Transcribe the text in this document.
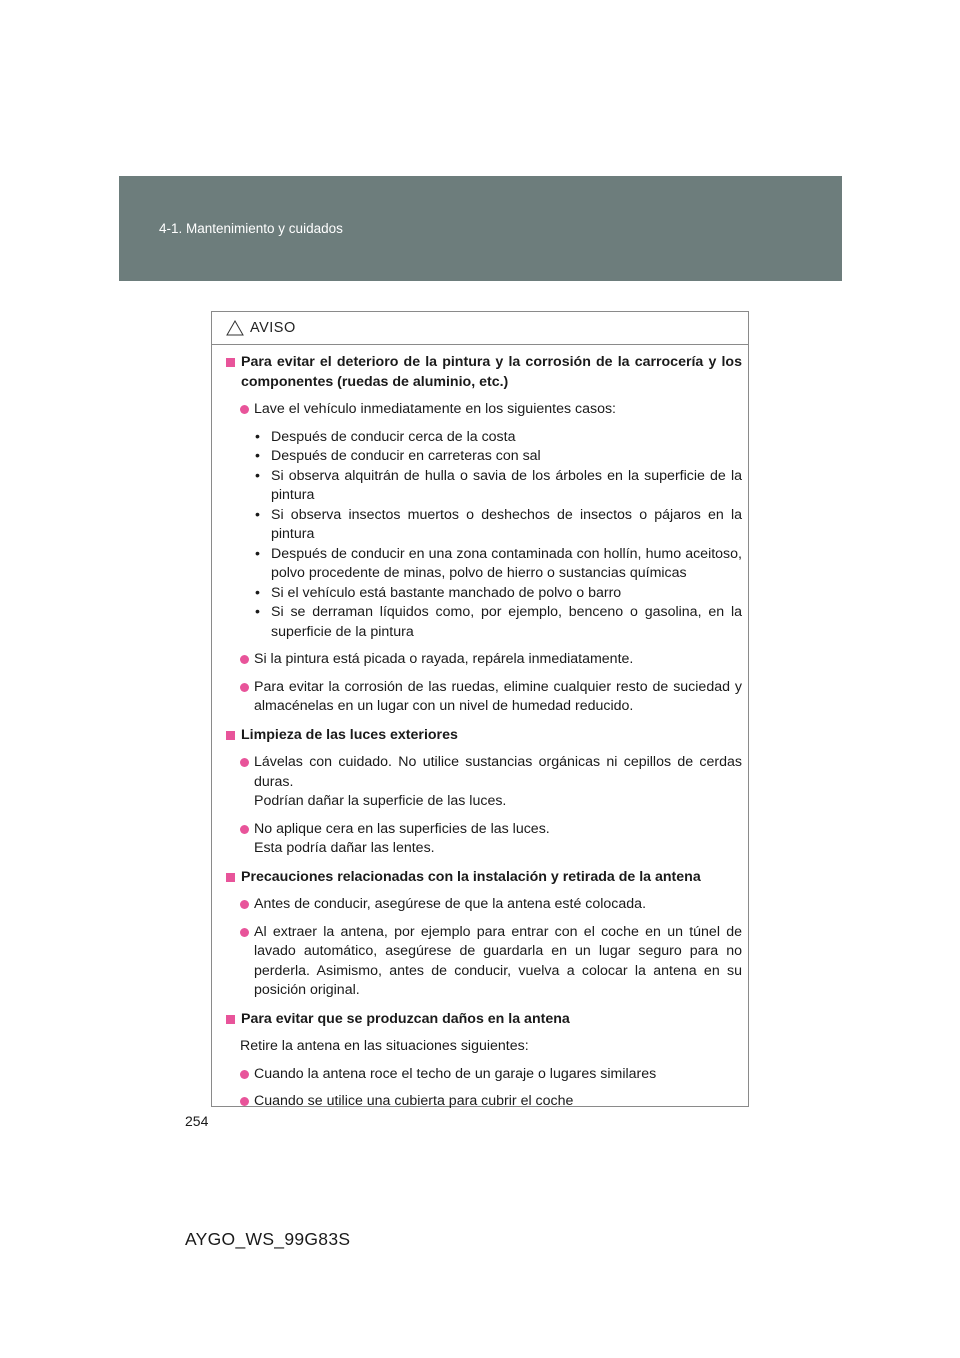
4-1. Mantenimiento y cuidados
AVISO
Para evitar el deterioro de la pintura y la corrosión de la carrocería y los componentes (ruedas de aluminio, etc.)
Lave el vehículo inmediatamente en los siguientes casos:
• Después de conducir cerca de la costa
• Después de conducir en carreteras con sal
• Si observa alquitrán de hulla o savia de los árboles en la superficie de la pintura
• Si observa insectos muertos o deshechos de insectos o pájaros en la pintura
• Después de conducir en una zona contaminada con hollín, humo aceitoso, polvo procedente de minas, polvo de hierro o sustancias químicas
• Si el vehículo está bastante manchado de polvo o barro
• Si se derraman líquidos como, por ejemplo, benceno o gasolina, en la superficie de la pintura
Si la pintura está picada o rayada, repárela inmediatamente.
Para evitar la corrosión de las ruedas, elimine cualquier resto de suciedad y almacénelas en un lugar con un nivel de humedad reducido.
Limpieza de las luces exteriores
Lávelas con cuidado. No utilice sustancias orgánicas ni cepillos de cerdas duras.
Podrían dañar la superficie de las luces.
No aplique cera en las superficies de las luces.
Esta podría dañar las lentes.
Precauciones relacionadas con la instalación y retirada de la antena
Antes de conducir, asegúrese de que la antena esté colocada.
Al extraer la antena, por ejemplo para entrar con el coche en un túnel de lavado automático, asegúrese de guardarla en un lugar seguro para no perderla. Asimismo, antes de conducir, vuelva a colocar la antena en su posición original.
Para evitar que se produzcan daños en la antena
Retire la antena en las situaciones siguientes:
Cuando la antena roce el techo de un garaje o lugares similares
Cuando se utilice una cubierta para cubrir el coche
254
AYGO_WS_99G83S
